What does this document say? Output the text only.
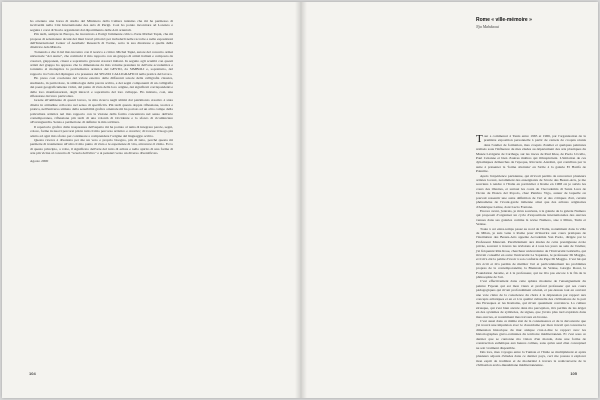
ho ottenuto una borsa di studio del Ministero della Cultura tunisino che mi ha permesso di iscrivermi nella Cité Internationale des Arts di Parigi. Così ho potuto incontrare ad Lorenzo e seguire i corsi di Storia organizzati dal dipartimento delle Arti orientali.

Più tardi, sempre in Europa, ho incontrato a Parigi l'eminente critico d'arte Michel Tapié, che mi propose di selezionare alcuni dei miei lavori pittorici per includerli nelle raccolte e nelle esposizioni dell'International Center of Aesthetic Research di Torino, sotto la sua direzione e quella della direttrice Ada Minola.

Tornando a che il dal mio incontro con il teorico e critico Michel Tapié, autore del concetto ormai universale "Art Autre", che cominciò il mio rapporto con un gruppo di artisti italiani e composto da creatori, giapponesi, cinesi e soprattutto giovani creatori italiani. In seguito agli scambi con questi artisti del gruppo ho appreso che la dimensione da mio volume prendere in dell'arte accademica e torniamo al molteplice la problematica artistica del GESTO, da SIMBOLI e, soprattutto, del rapporto tra l'atto del dipingere e la presenza del SEGNO CALLIGRAFICO nella pratica del lavoro.

Ho preso così coscienza del valore estetico delle differenti scuole della calligrafia classica, studiando, in particolare, la simbologia della parola scritta, e dei segni componenti di un calligrafia dei paesi geograficamente vicini, dal punto di vista della loro origine, dei significati corrispondenti e delle loro manifestazioni, degli intrecci e soprattutto del loro sviluppo. Ho iniziato, così, una riflessione davvero particolare.

Grazie all'ambiente di questi lavoro, la mia ricerca negli ultimi dal patrimonio creativo è stata diretta in attitudine collocato nel senso di specificità. Più tardi questa doppia riflessione, teorica e pratica, nell'universo stimato della sensibilità grafica orientale mi ha portato ad un altro campo della policultura artistica nel mio rapporto con la visione della forma concentrata nel senso dell'arte contemporanea, riflessione più tardi di una volontà di Occidente e lo sforzo di ricominciare all'avanguardia. Senza e permettono di definire la mia scrittura.

Il repertorio grafico dalle trasparenze dell'aspetto mi ha portato al tema di integrare parole, segni, colore, forme in nuovi percorsi più in tutto il mio percorso artistico e creativo; di trovare il luogo più adatto ad ogni mio sforzo per continuare a comprendere l'origine del linguaggio scritto.

Questa ricerca è diventata per me un vero e proprio bisogno, più di tutto, perché questa mi permette di trasmettere all'altro il mio punto di vista e le esperienze di vita, attraverso il ritmo. Ecco di questo principio, a volte, il significato dell'arte del tutto di artista e nello spirito di una forma di arte più vicina al concetto di "scuola dell'altro" e ai pensieri verso un diverso diversificato.

Agosto 2000
104
Rome « ville-mémoire »

Nja Mahdaoui

Tout a commencé à Tunis entre 1965 et 1966, par l'organisation de la première exposition personnelle à partir de carnets de croquis réunis dans l'atelier de formation, mes croquis d'atelier et quelques peintures réalisés sous l'influence de mes études au département des arts plastiques du Musée Lavigerie de Carthage, sur les traces de Paul Klee, de Paolo Uccello, Paul Cézanne et bien d'autres maîtres qui m'inspirèrent. L'initiation de ces dynamiques démarches de l'époque, Riccardo Antolini, qui contribua par la suite à présenter la 'forme abstraite' en Sicile à la galerie El Harifa de Palerme.

Après l'expérience parisienne, qui m'avait permis de rencontrer plusieurs artistes locaux, notamment des enseignants de l'école des Beaux-Arts, je me souviens à rendre à l'Italie en particulier à Rome en 1968 où je suivis les cours des illustres, et surtout les cours de l'Accademia di Santa Luca de l'école de Piazza del Popolo, chez Pietrino Vigo, auteur de laquelle on pouvait ressentir une autre définition de l'art et des critiques d'art, certain phénomène de l'avant-garde italienne ainsi que des artistes originaires d'Amérique Latine, dont Lucio Fontana.

Encore avant, j'entrais, je m'en souviens, à la galerie de la galerie Numero qui proposait d'organiser un cycle d'expositions internationales des œuvres venues dans ses galeries comme la revue Numero, sise à Milan, Turin et Venise.

Toute à cet entre-temps passé au nord de l'Italie, notamment dans la ville de Milan, je suis venu à Rome pour m'inscrire aux cours pratiques de l'institution des Beaux-Arts appelée Accademia San Paolo, dirigée par le Professeur Manzoni. Parallèlement aux études de cette prestigieuse école privée, souvent à travers les révisions et à tous les jours au sein de l'atelier, j'ai fréquenté Rita Rose, chercheur universitaire de l'Université Gabriella, qui m'avait conseillé en outre l'université La Sapienza, le professeur Di Maggio, et il m'a été la palme d'avoir à son confrérie du Pape Di Maggio. C'est lui qui m'a écrit et m'a permis de méditer l'art et particulièrement les problèmes propres de la contemporanéité, la Biennale de Venise, Giorgio Rossi, la Foundation Jerome, et à la professeur, qui ne m'a pas encore à la fin de la philosophie de l'art.

C'est effectivement dans cette sphère moderne de l'enseignement du peintre Fayeun qui est mon vieux et profond professeur qui ses cours pédagogiques qui m'ont profondément orienté, et par-dessus tout en ouvrant une voie claire de la conscience du choix à la dépression par rapport aux concepts artistiques et en et à la qualité culturelle des civilisations de la part des Etrusques et les Romains, qui m'ont quasiment convaincu. La culture étrusque, qui s'est bien ancrée dans ma perception, m'a permis de les ériger en des systèmes de symboles, de signes, que j'avais plus tard exploités dans mes œuvres, et notamment mes travaux en bronze.

C'est aussi dans ce même état de la connaissance et de la découverte que j'ai trouvé une impulsion avec le classicisme par mon travail qui concerne la dimension historique du mur antique c'est-à-dire le rapport avec les historiographes gréco-romaines du territoire méditerranéen. Et c'est sous ce dernier que se cantonne ma vision d'un monde, dans une forme de construction esthétique aux heures calmes, sans qu'un seul élan conceptuel ne soit vraiment disponible.

Dès lors, mes voyages entre la Tunisie et l'Italie se multiplièrent et après plusieurs séjours d'études dans ce dernier pays, ceci me poussa à explorer mon esprit de tradition et de modernité à travers la redécouverte de la civilisation arabo-musulmane méditerranéenne.

105
